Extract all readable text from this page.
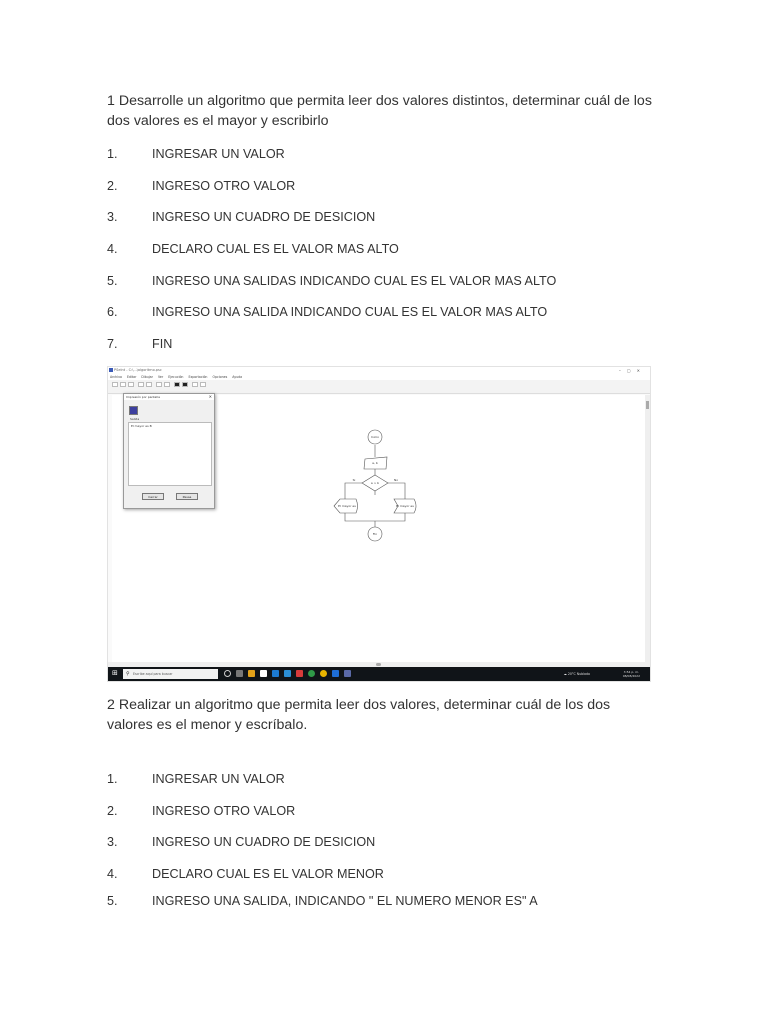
1 Desarrolle un algoritmo que permita leer dos valores distintos, determinar cuál de los dos valores es el mayor y escribirlo

1.	INGRESAR UN VALOR
2.	INGRESO OTRO VALOR
3.	INGRESO UN CUADRO DE DESICION
4.	DECLARO CUAL ES EL VALOR MAS ALTO
5.	INGRESO UNA SALIDAS INDICANDO CUAL ES EL VALOR MAS ALTO
6.	INGRESO UNA SALIDA INDICANDO CUAL ES EL VALOR MAS ALTO
7.	FIN
PSeInt - C:\...\algoritmo.psc	–▢✕
Archivo Editar Dibujar Ver Ejecución Exportación Opciones Ayuda
Inicio
a, b
a > b
Si	No
El mayor es	El mayor es
Fin
Impresión por pantalla	✕
Salida
El mayor es B
Cerrar	Pausa
⊞ ⚲ Escribe aquí para buscar	☁ 20°C Nublado	3:54 p. m.
08/08/2022

2 Realizar un algoritmo que permita leer dos valores, determinar cuál de los dos valores es el menor y escríbalo.

1.	INGRESAR UN VALOR
2.	INGRESO OTRO VALOR
3.	INGRESO UN CUADRO DE DESICION
4.	DECLARO CUAL ES EL VALOR MENOR
5.	INGRESO UNA SALIDA, INDICANDO " EL NUMERO MENOR ES" A
